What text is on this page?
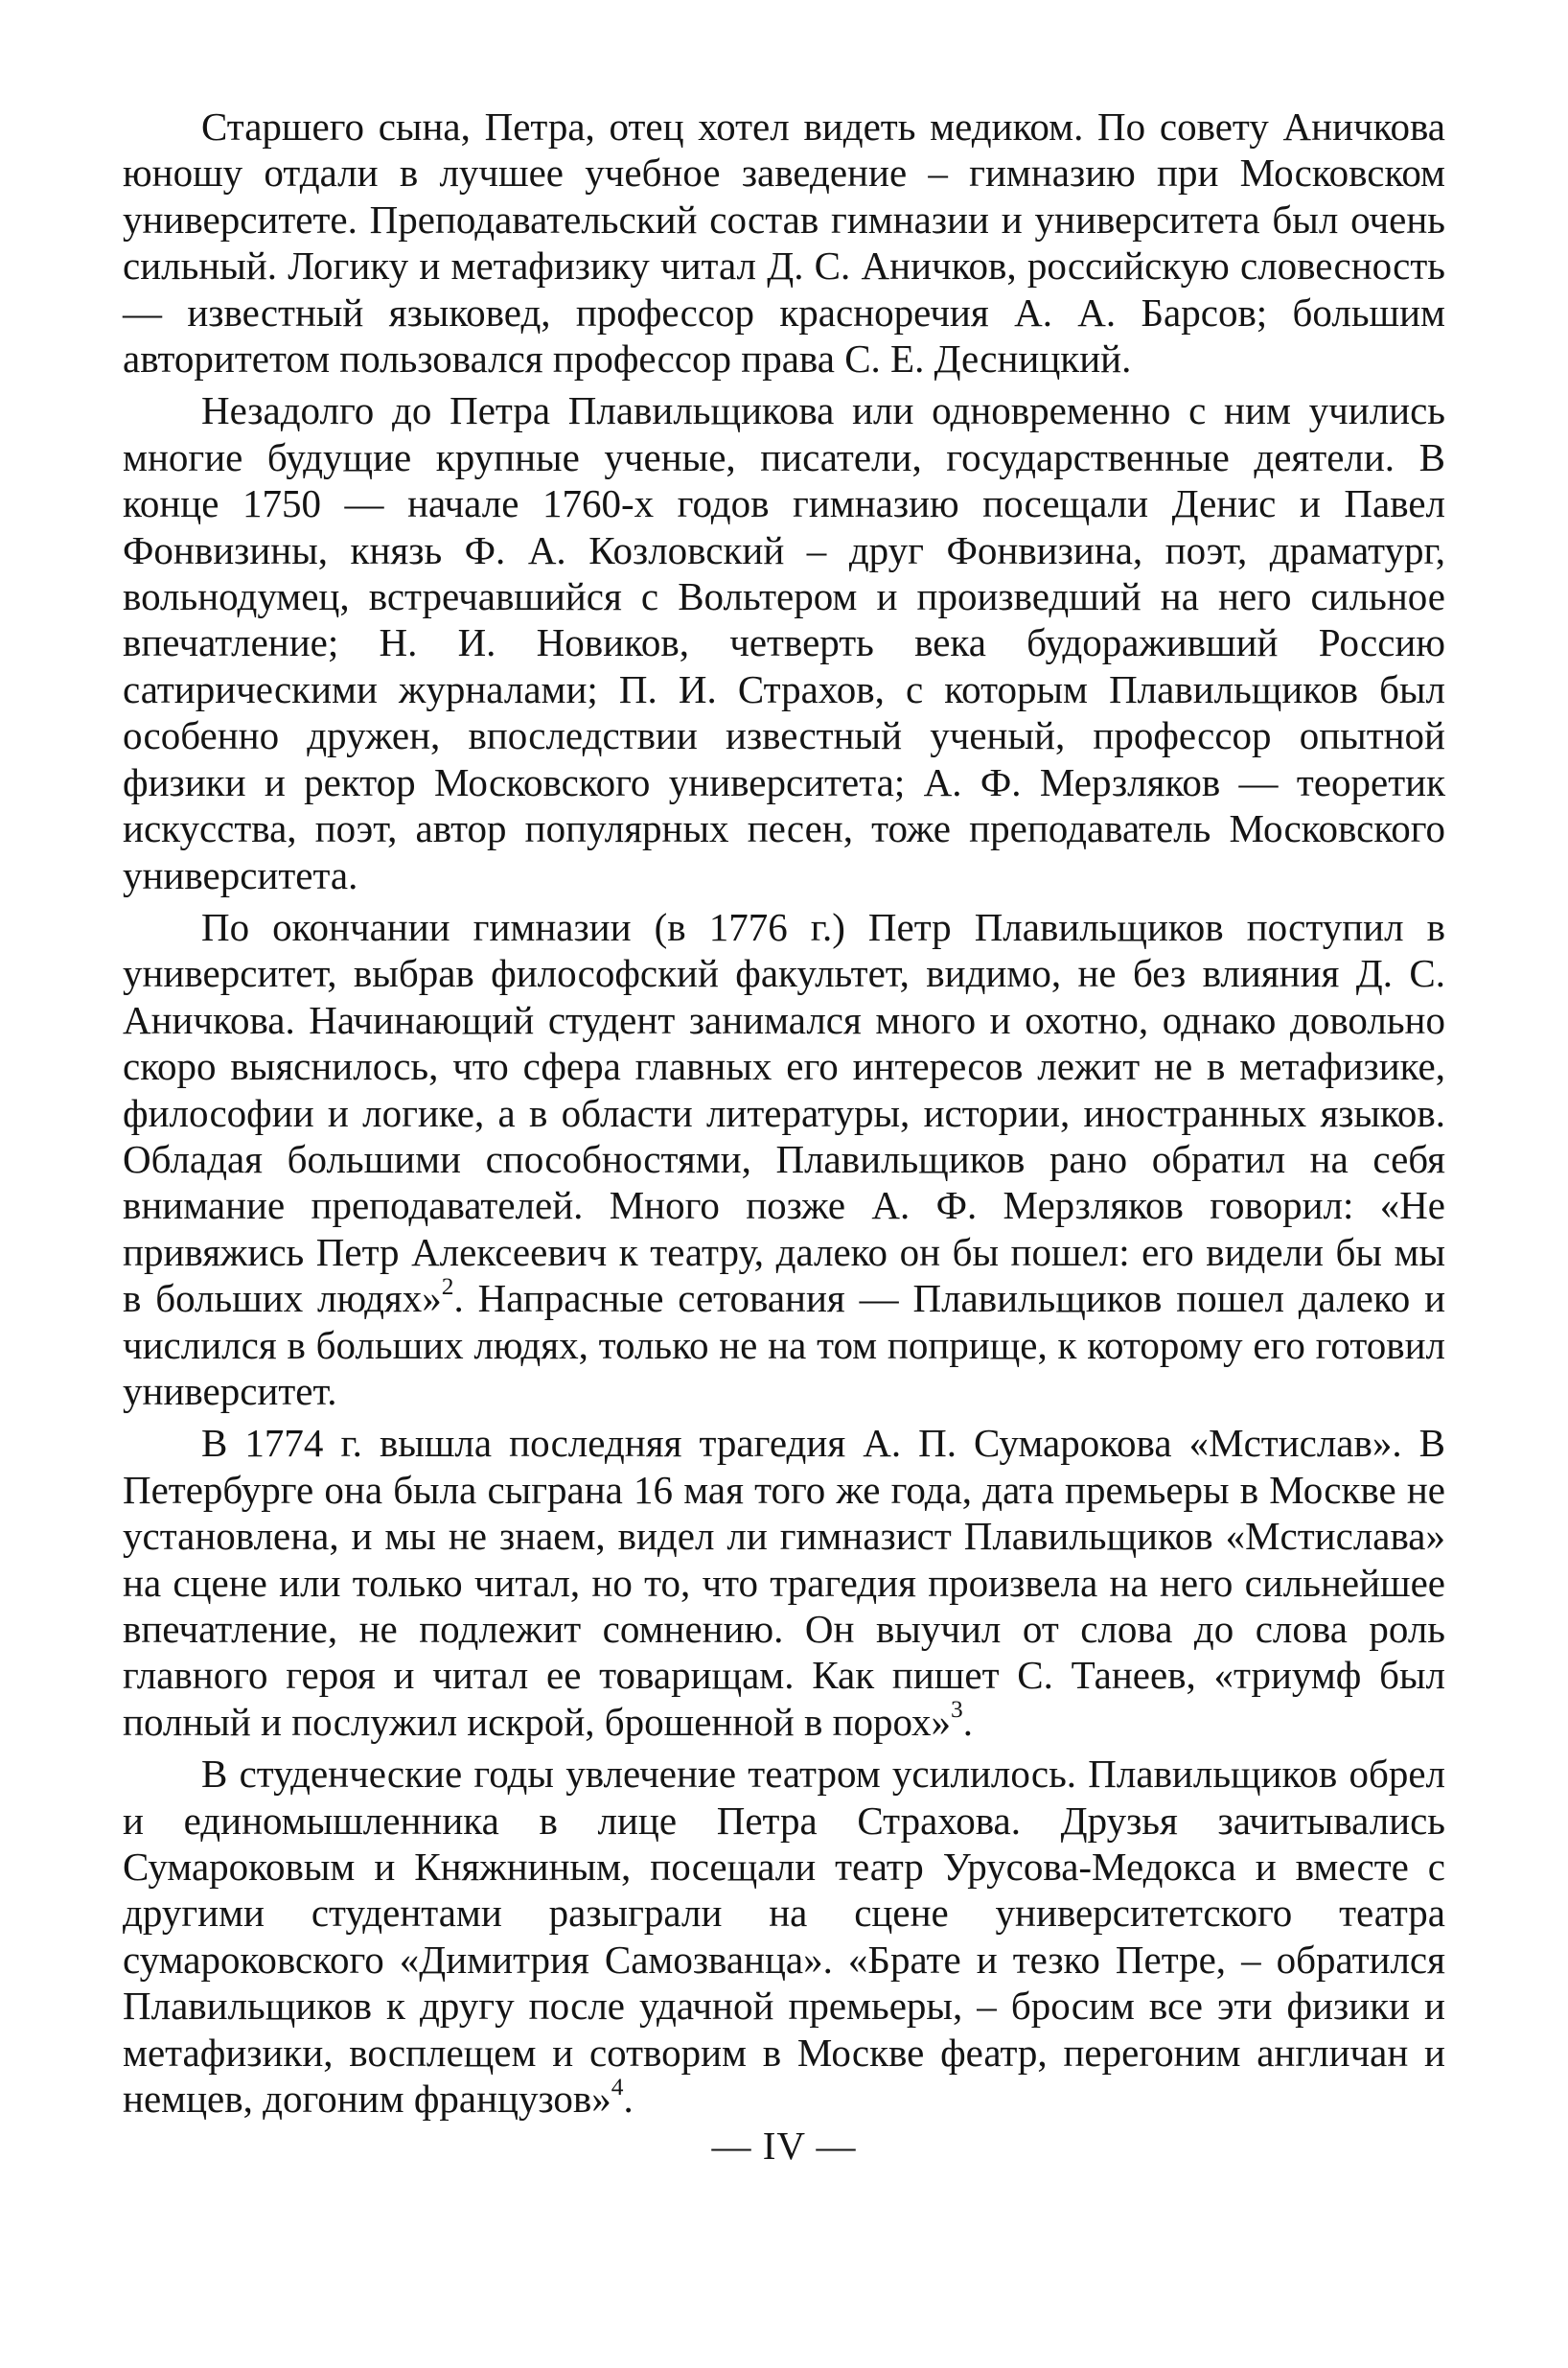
Старшего сына, Петра, отец хотел видеть медиком. По совету Аничкова юношу отдали в лучшее учебное заведение – гимназию при Московском университете. Преподавательский состав гимназии и университета был очень сильный. Логику и метафизику читал Д. С. Аничков, российскую словесность — известный языковед, профессор красноречия А. А. Барсов; большим авторитетом пользовался профессор права С. Е. Десницкий.

Незадолго до Петра Плавильщикова или одновременно с ним учились многие будущие крупные ученые, писатели, государственные деятели. В конце 1750 — начале 1760-х годов гимназию посещали Денис и Павел Фонвизины, князь Ф. А. Козловский – друг Фонвизина, поэт, драматург, вольнодумец, встречавшийся с Вольтером и произведший на него сильное впечатление; Н. И. Новиков, четверть века будораживший Россию сатирическими журналами; П. И. Страхов, с которым Плавильщиков был особенно дружен, впоследствии известный ученый, профессор опытной физики и ректор Московского университета; А. Ф. Мерзляков — теоретик искусства, поэт, автор популярных песен, тоже преподаватель Московского университета.

По окончании гимназии (в 1776 г.) Петр Плавильщиков поступил в университет, выбрав философский факультет, видимо, не без влияния Д. С. Аничкова. Начинающий студент занимался много и охотно, однако довольно скоро выяснилось, что сфера главных его интересов лежит не в метафизике, философии и логике, а в области литературы, истории, иностранных языков. Обладая большими способностями, Плавильщиков рано обратил на себя внимание преподавателей. Много позже А. Ф. Мерзляков говорил: «Не привяжись Петр Алексеевич к театру, далеко он бы пошел: его видели бы мы в больших людях»$^2$. Напрасные сетования — Плавильщиков пошел далеко и числился в больших людях, только не на том поприще, к которому его готовил университет.

В 1774 г. вышла последняя трагедия А. П. Сумарокова «Мстислав». В Петербурге она была сыграна 16 мая того же года, дата премьеры в Москве не установлена, и мы не знаем, видел ли гимназист Плавильщиков «Мстислава» на сцене или только читал, но то, что трагедия произвела на него сильнейшее впечатление, не подлежит сомнению. Он выучил от слова до слова роль главного героя и читал ее товарищам. Как пишет С. Танеев, «триумф был полный и послужил искрой, брошенной в порох»$^3$.

В студенческие годы увлечение театром усилилось. Плавильщиков обрел и единомышленника в лице Петра Страхова. Друзья зачитывались Сумароковым и Княжниным, посещали театр Урусова-Медокса и вместе с другими студентами разыграли на сцене университетского театра сумароковского «Димитрия Самозванца». «Брате и тезко Петре, – обратился Плавильщиков к другу после удачной премьеры, – бросим все эти физики и метафизики, восплещем и сотворим в Москве феатр, перегоним англичан и немцев, догоним французов»$^4$.

— IV —
